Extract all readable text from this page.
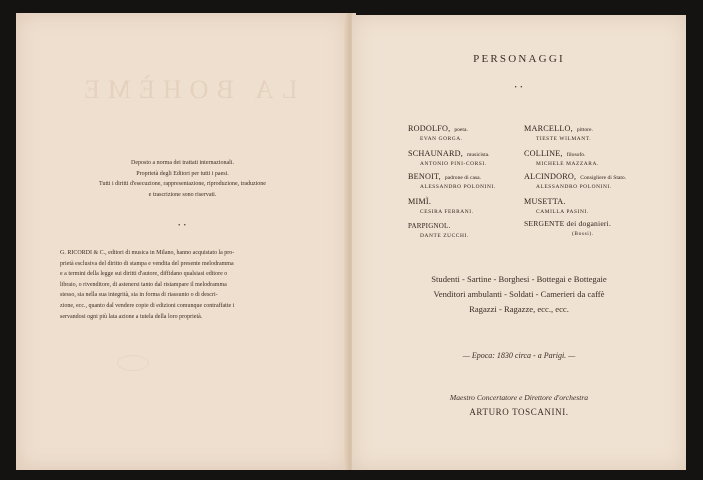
LA BOHÈME
Deposto a norma dei trattati internazionali.
Proprietà degli Editori per tutti i paesi.
Tutti i diritti d'esecuzione, rappresentazione, riproduzione, traduzione
e trascrizione sono riservati.
• •
G. RICORDI & C., editori di musica in Milano, hanno acquistato la pro-
prietà esclusiva del diritto di stampa e vendita del presente melodramma
e a termini della legge sui diritti d'autore, diffidano qualsiasi editore o
libraio, o rivenditore, di astenersi tanto dal ristampare il melodramma
stesso, sia nella sua integrità, sia in forma di riassunto o di descri-
zione, ecc., quanto dal vendere copie di edizioni comunque contraffatte i
servandosi ogni più lata azione a tutela della loro proprietà.
PERSONAGGI
• •
RODOLFO, poeta.
EVAN GORGA.
SCHAUNARD, musicista.
ANTONIO PINI-CORSI.
BENOIT, padrone di casa.
ALESSANDRO POLONINI.
MIMÌ.
CESIRA FERRANI.
PARPIGNOL.
DANTE ZUCCHI.
MARCELLO, pittore.
TIESTE WILMANT.
COLLINE, filosofo.
MICHELE MAZZARA.
ALCINDORO, Consigliere di Stato.
ALESSANDRO POLONINI.
MUSETTA.
CAMILLA PASINI.
SERGENTE dei doganieri.
(Bossi).
Studenti - Sartine - Borghesi - Bottegai e Bottegaie
Venditori ambulanti - Soldati - Camerieri da caffè
Ragazzi - Ragazze, ecc., ecc.
— Epoca: 1830 circa - a Parigi. —
Maestro Concertatore e Direttore d'orchestra
ARTURO TOSCANINI.
